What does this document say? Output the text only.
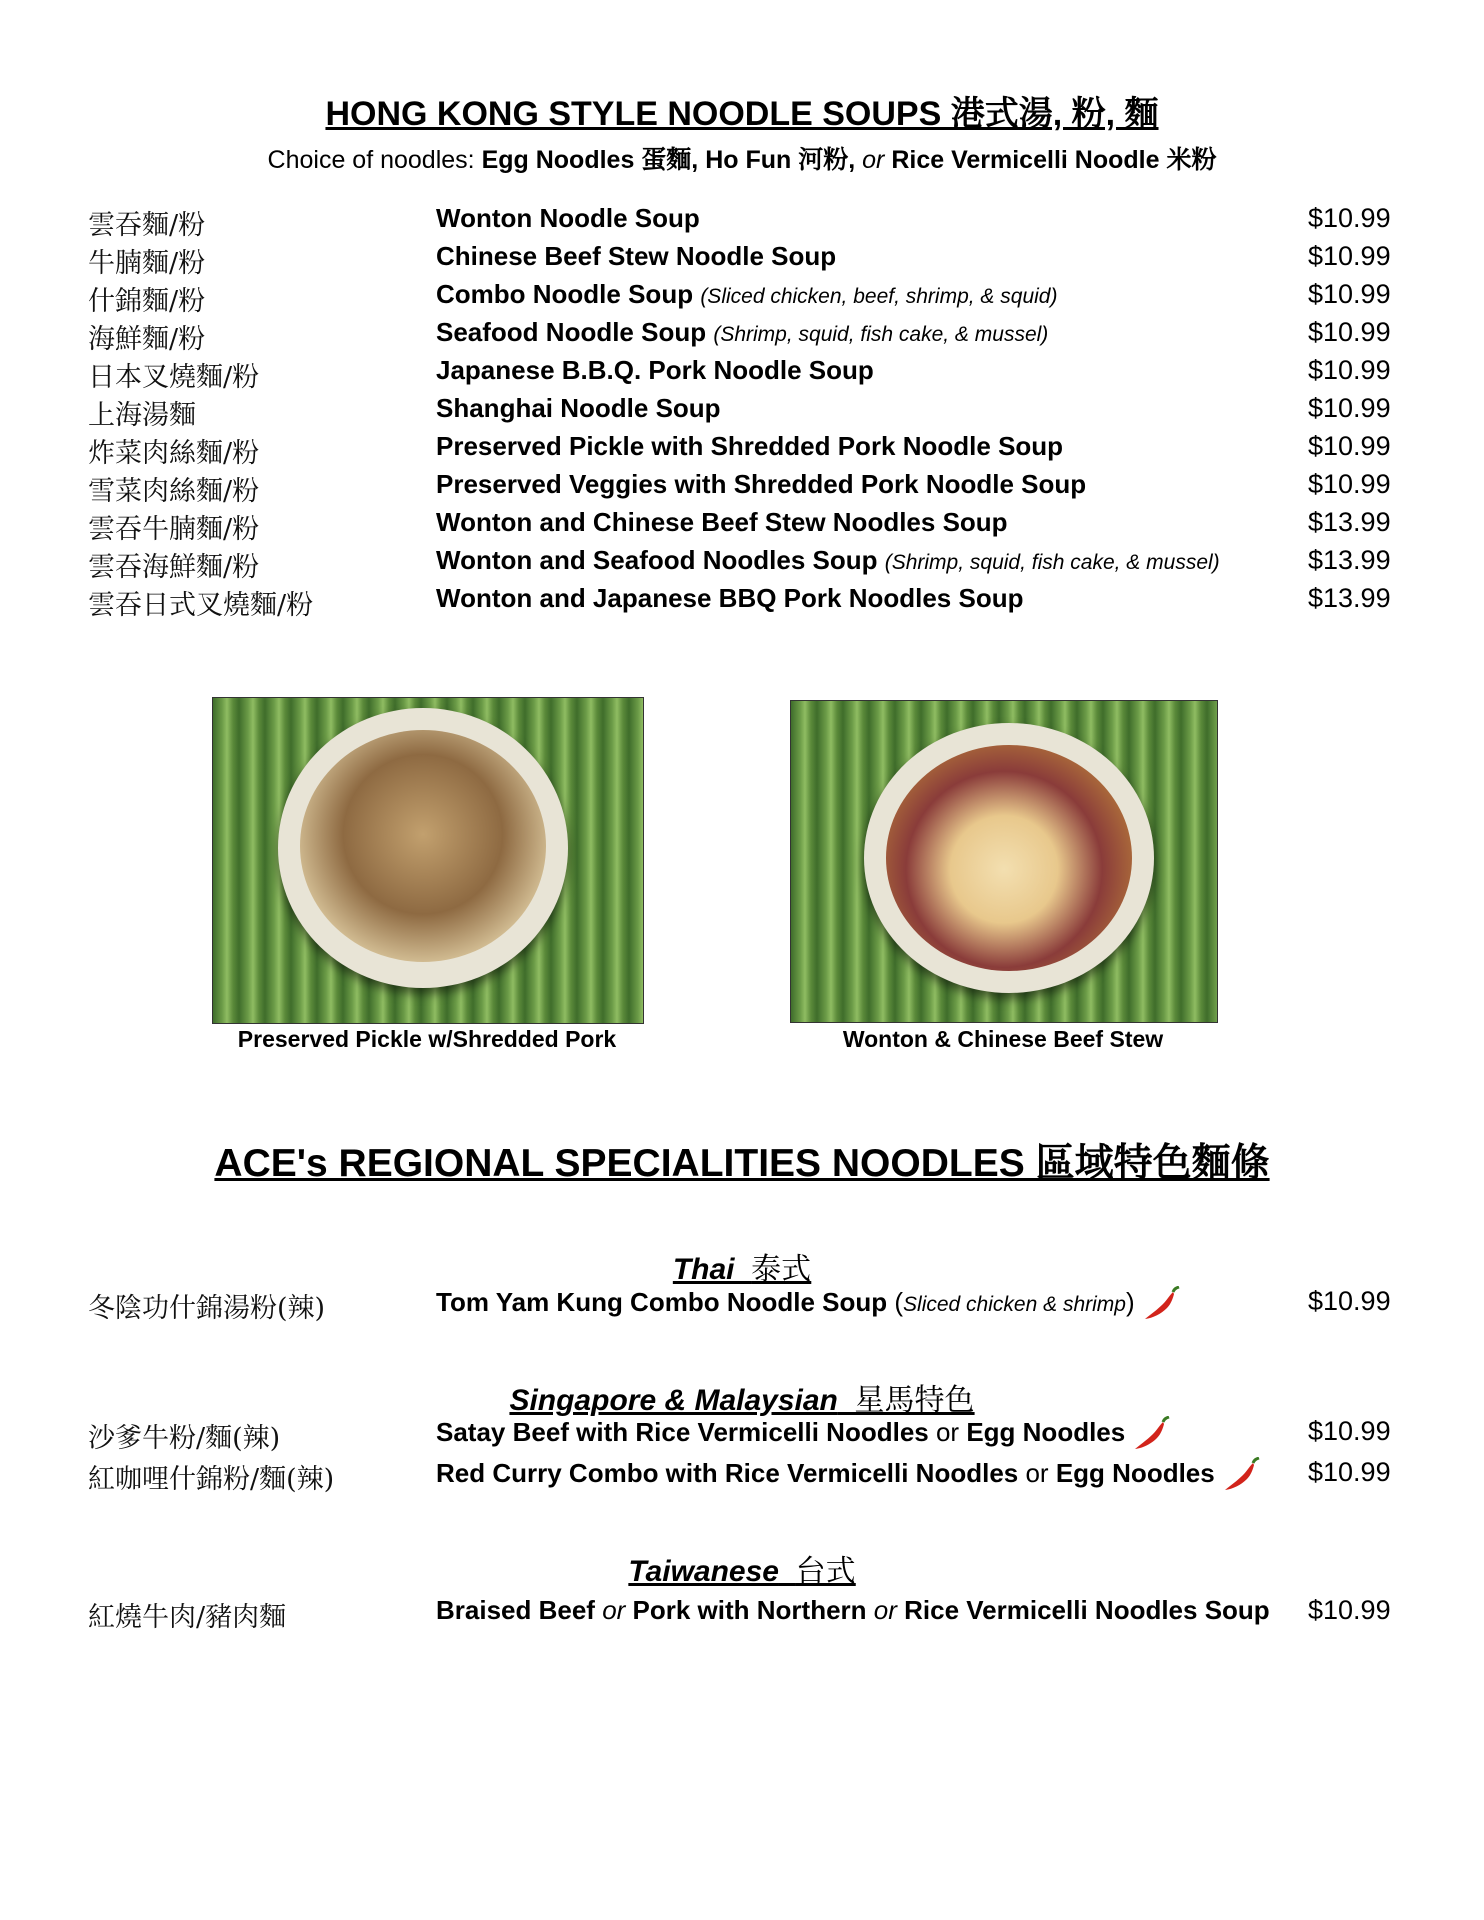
HONG KONG STYLE NOODLE SOUPS 港式湯, 粉, 麵
Choice of noodles: Egg Noodles 蛋麵, Ho Fun 河粉, or Rice Vermicelli Noodle 米粉
雲吞麵/粉	Wonton Noodle Soup	$10.99
牛腩麵/粉	Chinese Beef Stew Noodle Soup	$10.99
什錦麵/粉	Combo Noodle Soup (Sliced chicken, beef, shrimp, & squid)	$10.99
海鮮麵/粉	Seafood Noodle Soup (Shrimp, squid, fish cake, & mussel)	$10.99
日本叉燒麵/粉	Japanese B.B.Q. Pork Noodle Soup	$10.99
上海湯麵	Shanghai Noodle Soup	$10.99
炸菜肉絲麵/粉	Preserved Pickle with Shredded Pork Noodle Soup	$10.99
雪菜肉絲麵/粉	Preserved Veggies with Shredded Pork Noodle Soup	$10.99
雲吞牛腩麵/粉	Wonton and Chinese Beef Stew Noodles Soup	$13.99
雲吞海鮮麵/粉	Wonton and Seafood Noodles Soup (Shrimp, squid, fish cake, & mussel)	$13.99
雲吞日式叉燒麵/粉	Wonton and Japanese BBQ Pork Noodles Soup	$13.99
Preserved Pickle w/Shredded Pork	Wonton & Chinese Beef Stew
ACE's REGIONAL SPECIALITIES NOODLES 區域特色麵條
Thai 泰式
冬陰功什錦湯粉(辣)	Tom Yam Kung Combo Noodle Soup (Sliced chicken & shrimp)	$10.99
Singapore & Malaysian 星馬特色
沙爹牛粉/麵(辣)	Satay Beef with Rice Vermicelli Noodles or Egg Noodles	$10.99
紅咖哩什錦粉/麵(辣)	Red Curry Combo with Rice Vermicelli Noodles or Egg Noodles	$10.99
Taiwanese 台式
紅燒牛肉/豬肉麵	Braised Beef or Pork with Northern or Rice Vermicelli Noodles Soup $10.99
